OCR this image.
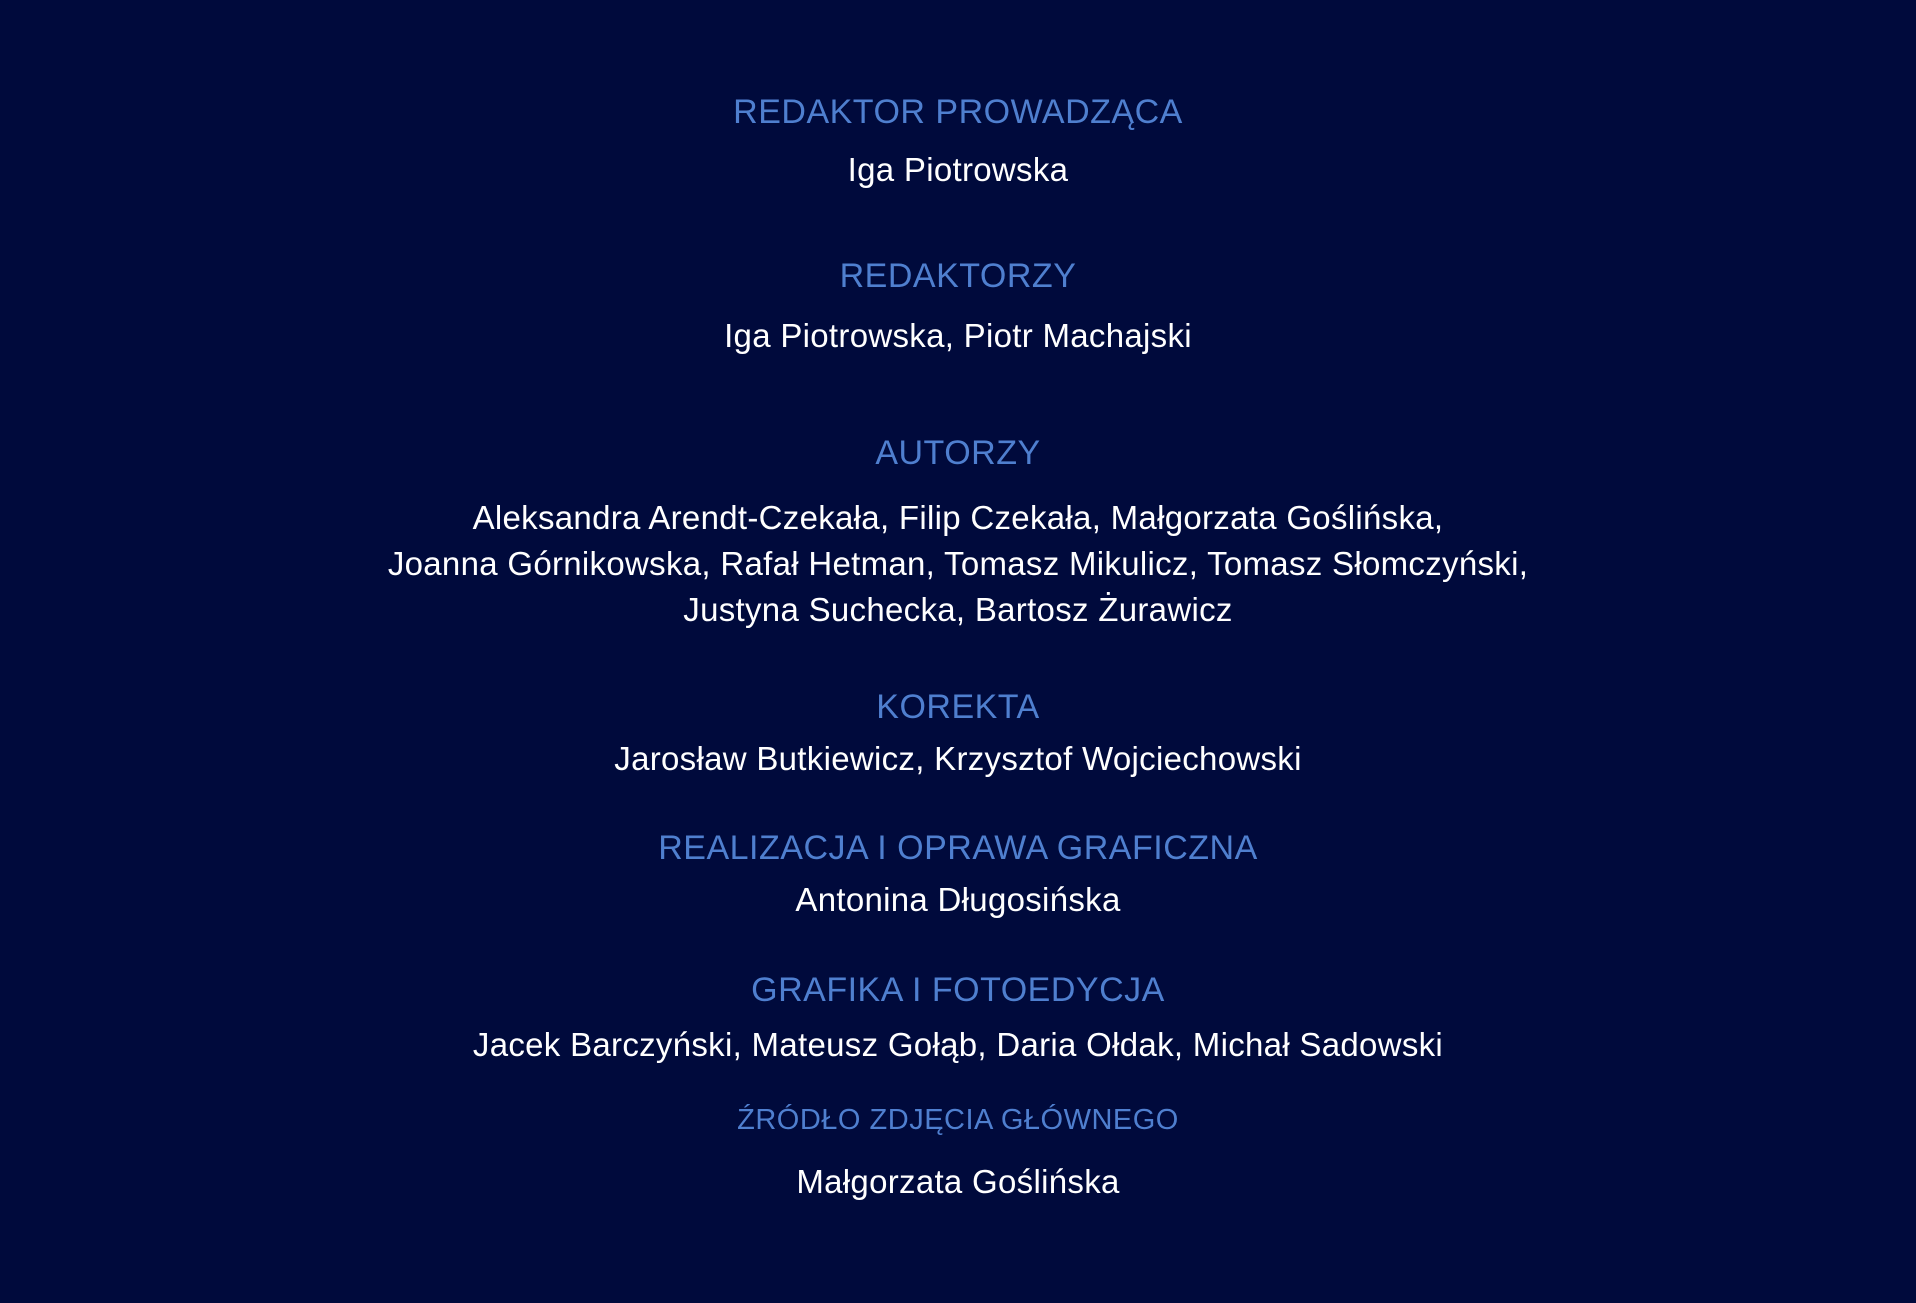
REDAKTOR PROWADZĄCA
Iga Piotrowska
REDAKTORZY
Iga Piotrowska, Piotr Machajski
AUTORZY
Aleksandra Arendt-Czekała, Filip Czekała, Małgorzata Goślińska,
Joanna Górnikowska, Rafał Hetman, Tomasz Mikulicz, Tomasz Słomczyński,
Justyna Suchecka, Bartosz Żurawicz
KOREKTA
Jarosław Butkiewicz, Krzysztof Wojciechowski
REALIZACJA I OPRAWA GRAFICZNA
Antonina Długosińska
GRAFIKA I FOTOEDYCJA
Jacek Barczyński, Mateusz Gołąb, Daria Ołdak, Michał Sadowski
ŹRÓDŁO ZDJĘCIA GŁÓWNEGO
Małgorzata Goślińska
